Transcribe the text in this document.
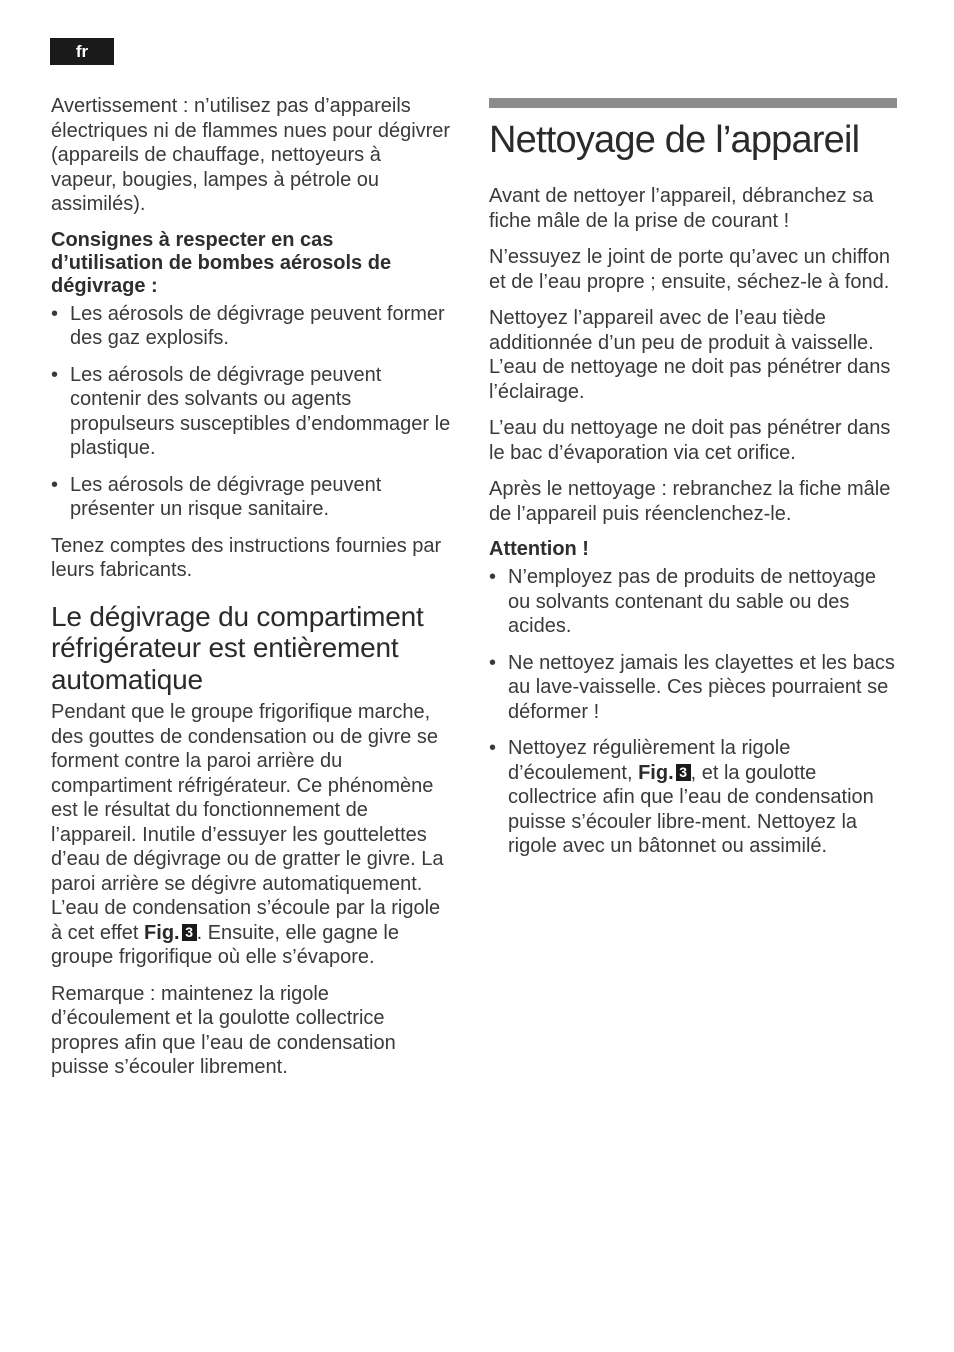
fr

Avertissement : n’utilisez pas d’appareils électriques ni de flammes nues pour dégivrer (appareils de chauffage, nettoyeurs à vapeur, bougies, lampes à pétrole ou assimilés).

Consignes à respecter en cas d’utilisation de bombes aérosols de dégivrage :
• Les aérosols de dégivrage peuvent former des gaz explosifs.
• Les aérosols de dégivrage peuvent contenir des solvants ou agents propulseurs susceptibles d’endommager le plastique.
• Les aérosols de dégivrage peuvent présenter un risque sanitaire.

Tenez comptes des instructions fournies par leurs fabricants.

Le dégivrage du compartiment réfrigérateur est entièrement automatique

Pendant que le groupe frigorifique marche, des gouttes de condensation ou de givre se forment contre la paroi arrière du compartiment réfrigérateur. Ce phénomène est le résultat du fonctionnement de l’appareil. Inutile d’essuyer les gouttelettes d’eau de dégivrage ou de gratter le givre. La paroi arrière se dégivre automatiquement. L’eau de condensation s’écoule par la rigole à cet effet Fig. 3 . Ensuite, elle gagne le groupe frigorifique où elle s’évapore.

Remarque : maintenez la rigole d’écoulement et la goulotte collectrice propres afin que l’eau de condensation puisse s’écouler librement.

Nettoyage de l’appareil

Avant de nettoyer l’appareil, débranchez sa fiche mâle de la prise de courant !

N’essuyez le joint de porte qu’avec un chiffon et de l’eau propre ; ensuite, séchez-le à fond.

Nettoyez l’appareil avec de l’eau tiède additionnée d’un peu de produit à vaisselle. L’eau de nettoyage ne doit pas pénétrer dans l’éclairage.

L’eau du nettoyage ne doit pas pénétrer dans le bac d’évaporation via cet orifice.

Après le nettoyage : rebranchez la fiche mâle de l’appareil puis réenclenchez-le.

Attention !
• N’employez pas de produits de nettoyage ou solvants contenant du sable ou des acides.
• Ne nettoyez jamais les clayettes et les bacs au lave-vaisselle. Ces pièces pourraient se déformer !
• Nettoyez régulièrement la rigole d’écoulement, Fig. 3 , et la goulotte collectrice afin que l’eau de condensation puisse s’écouler libre-ment. Nettoyez la rigole avec un bâtonnet ou assimilé.
